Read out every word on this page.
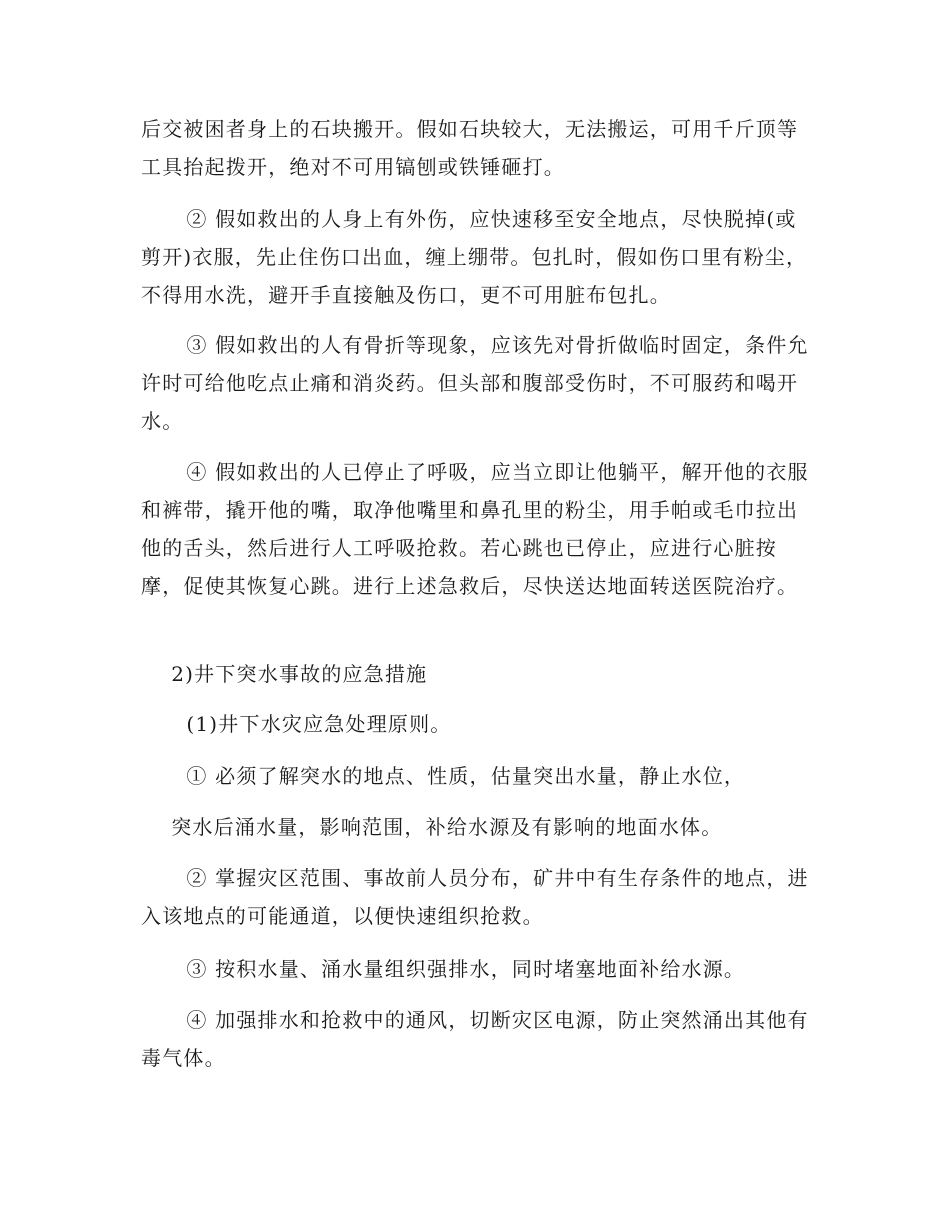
后交被困者身上的石块搬开。假如石块较大，无法搬运，可用千斤顶等工具抬起拨开，绝对不可用镐刨或铁锤砸打。

② 假如救出的人身上有外伤，应快速移至安全地点，尽快脱掉(或剪开)衣服，先止住伤口出血，缠上绷带。包扎时，假如伤口里有粉尘，不得用水洗，避开手直接触及伤口，更不可用脏布包扎。

③ 假如救出的人有骨折等现象，应该先对骨折做临时固定，条件允许时可给他吃点止痛和消炎药。但头部和腹部受伤时，不可服药和喝开水。

④ 假如救出的人已停止了呼吸，应当立即让他躺平，解开他的衣服和裤带，撬开他的嘴，取净他嘴里和鼻孔里的粉尘，用手帕或毛巾拉出他的舌头，然后进行人工呼吸抢救。若心跳也已停止，应进行心脏按摩，促使其恢复心跳。进行上述急救后，尽快送达地面转送医院治疗。

2)井下突水事故的应急措施

(1)井下水灾应急处理原则。

① 必须了解突水的地点、性质，估量突出水量，静止水位，

突水后涌水量，影响范围，补给水源及有影响的地面水体。

② 掌握灾区范围、事故前人员分布，矿井中有生存条件的地点，进入该地点的可能通道，以便快速组织抢救。

③ 按积水量、涌水量组织强排水，同时堵塞地面补给水源。

④ 加强排水和抢救中的通风，切断灾区电源，防止突然涌出其他有毒气体。
